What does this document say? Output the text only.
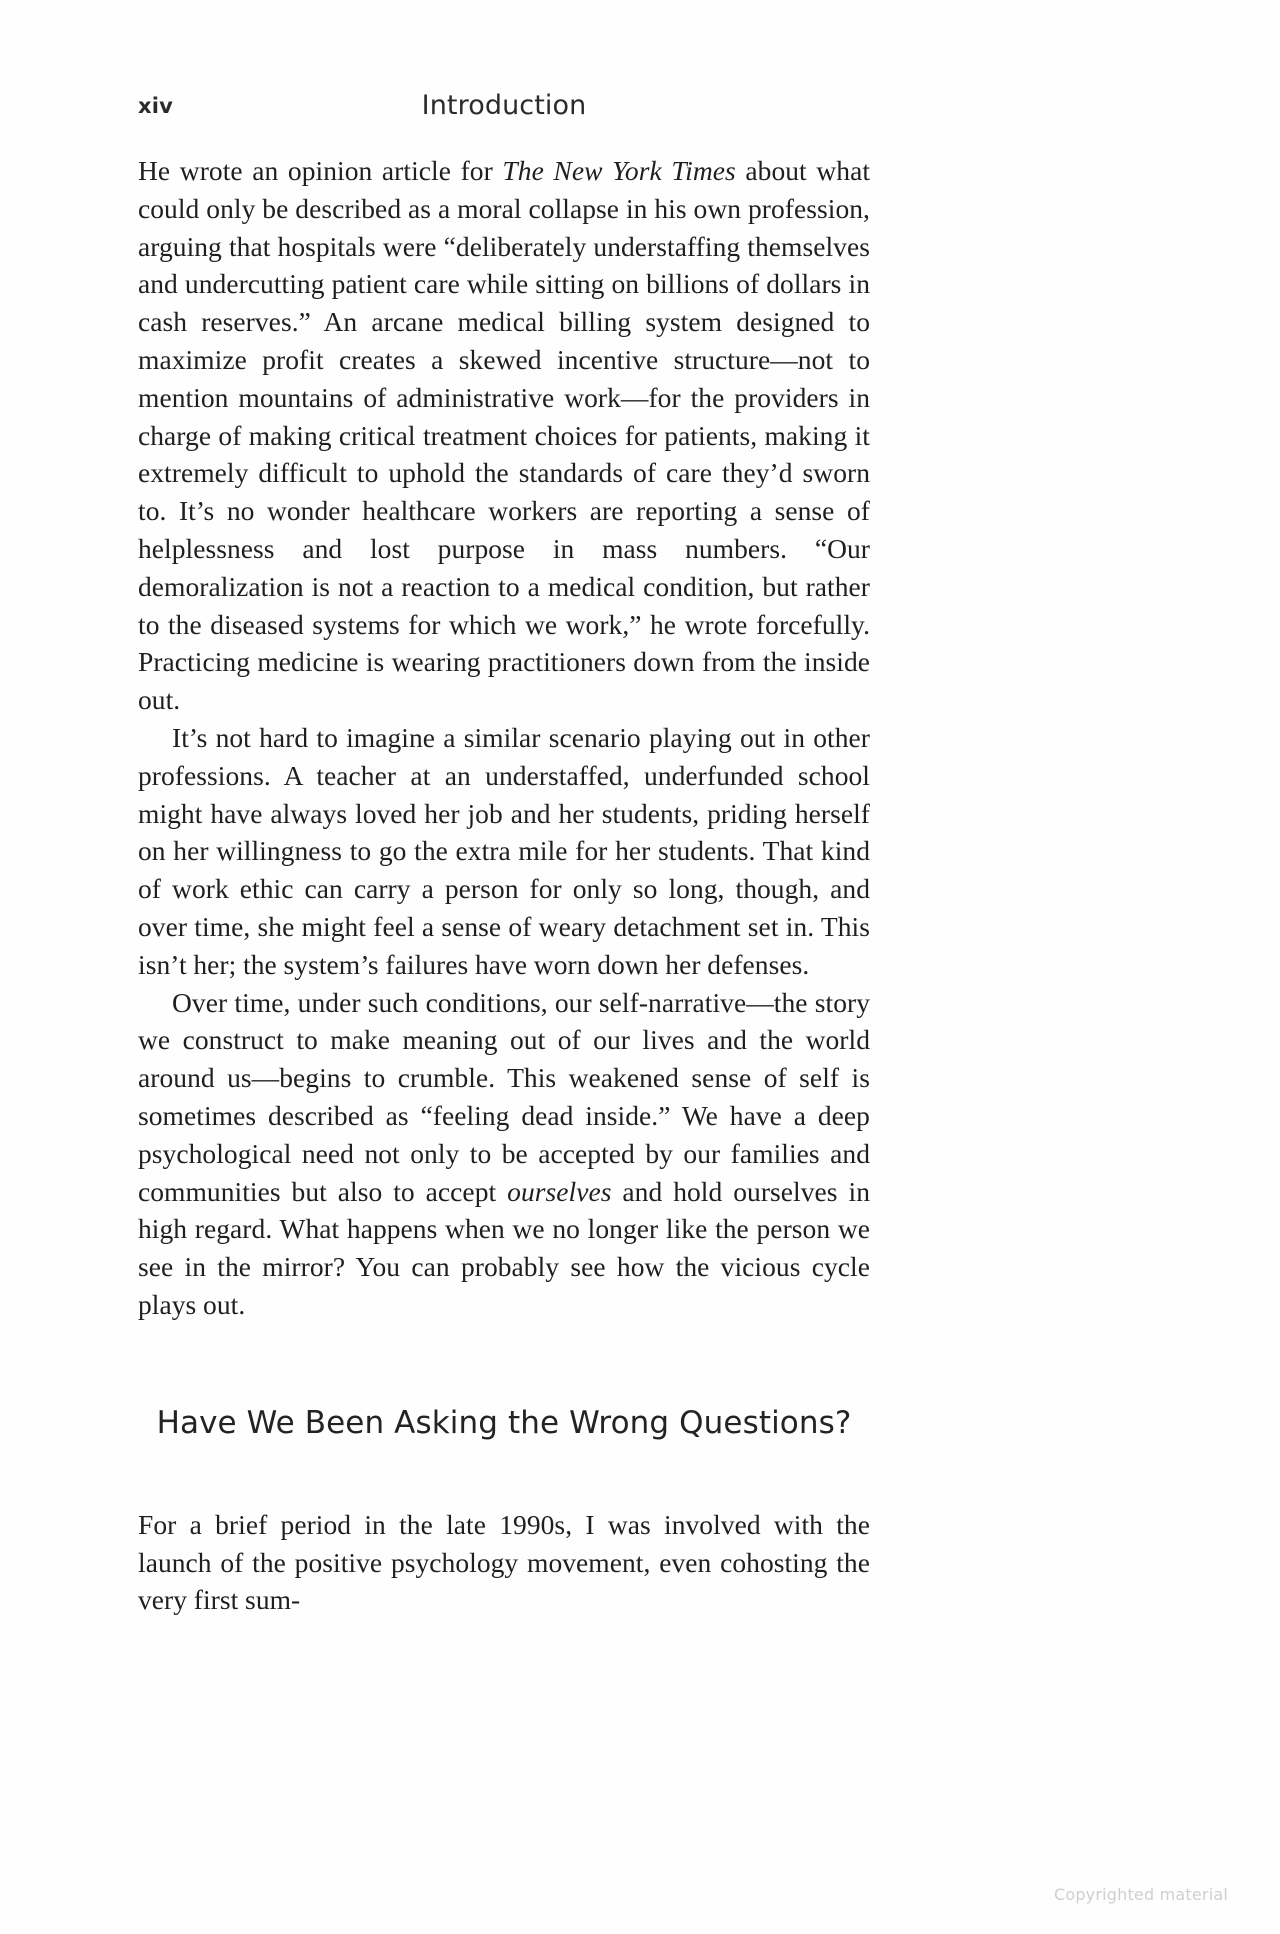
xiv	Introduction

He wrote an opinion article for The New York Times about what could only be described as a moral collapse in his own profession, arguing that hospitals were “deliberately understaffing themselves and undercutting patient care while sitting on billions of dollars in cash reserves.” An arcane medical billing system designed to maximize profit creates a skewed incentive structure—not to mention mountains of administrative work—for the providers in charge of making critical treatment choices for patients, making it extremely difficult to uphold the standards of care they’d sworn to. It’s no wonder healthcare workers are reporting a sense of helplessness and lost purpose in mass numbers. “Our demoralization is not a reaction to a medical condition, but rather to the diseased systems for which we work,” he wrote forcefully. Practicing medicine is wearing practitioners down from the inside out.

It’s not hard to imagine a similar scenario playing out in other professions. A teacher at an understaffed, underfunded school might have always loved her job and her students, priding herself on her willingness to go the extra mile for her students. That kind of work ethic can carry a person for only so long, though, and over time, she might feel a sense of weary detachment set in. This isn’t her; the system’s failures have worn down her defenses.

Over time, under such conditions, our self-narrative—the story we construct to make meaning out of our lives and the world around us—begins to crumble. This weakened sense of self is sometimes described as “feeling dead inside.” We have a deep psychological need not only to be accepted by our families and communities but also to accept ourselves and hold ourselves in high regard. What happens when we no longer like the person we see in the mirror? You can probably see how the vicious cycle plays out.

Have We Been Asking the Wrong Questions?

For a brief period in the late 1990s, I was involved with the launch of the positive psychology movement, even cohosting the very first sum-

Copyrighted material
